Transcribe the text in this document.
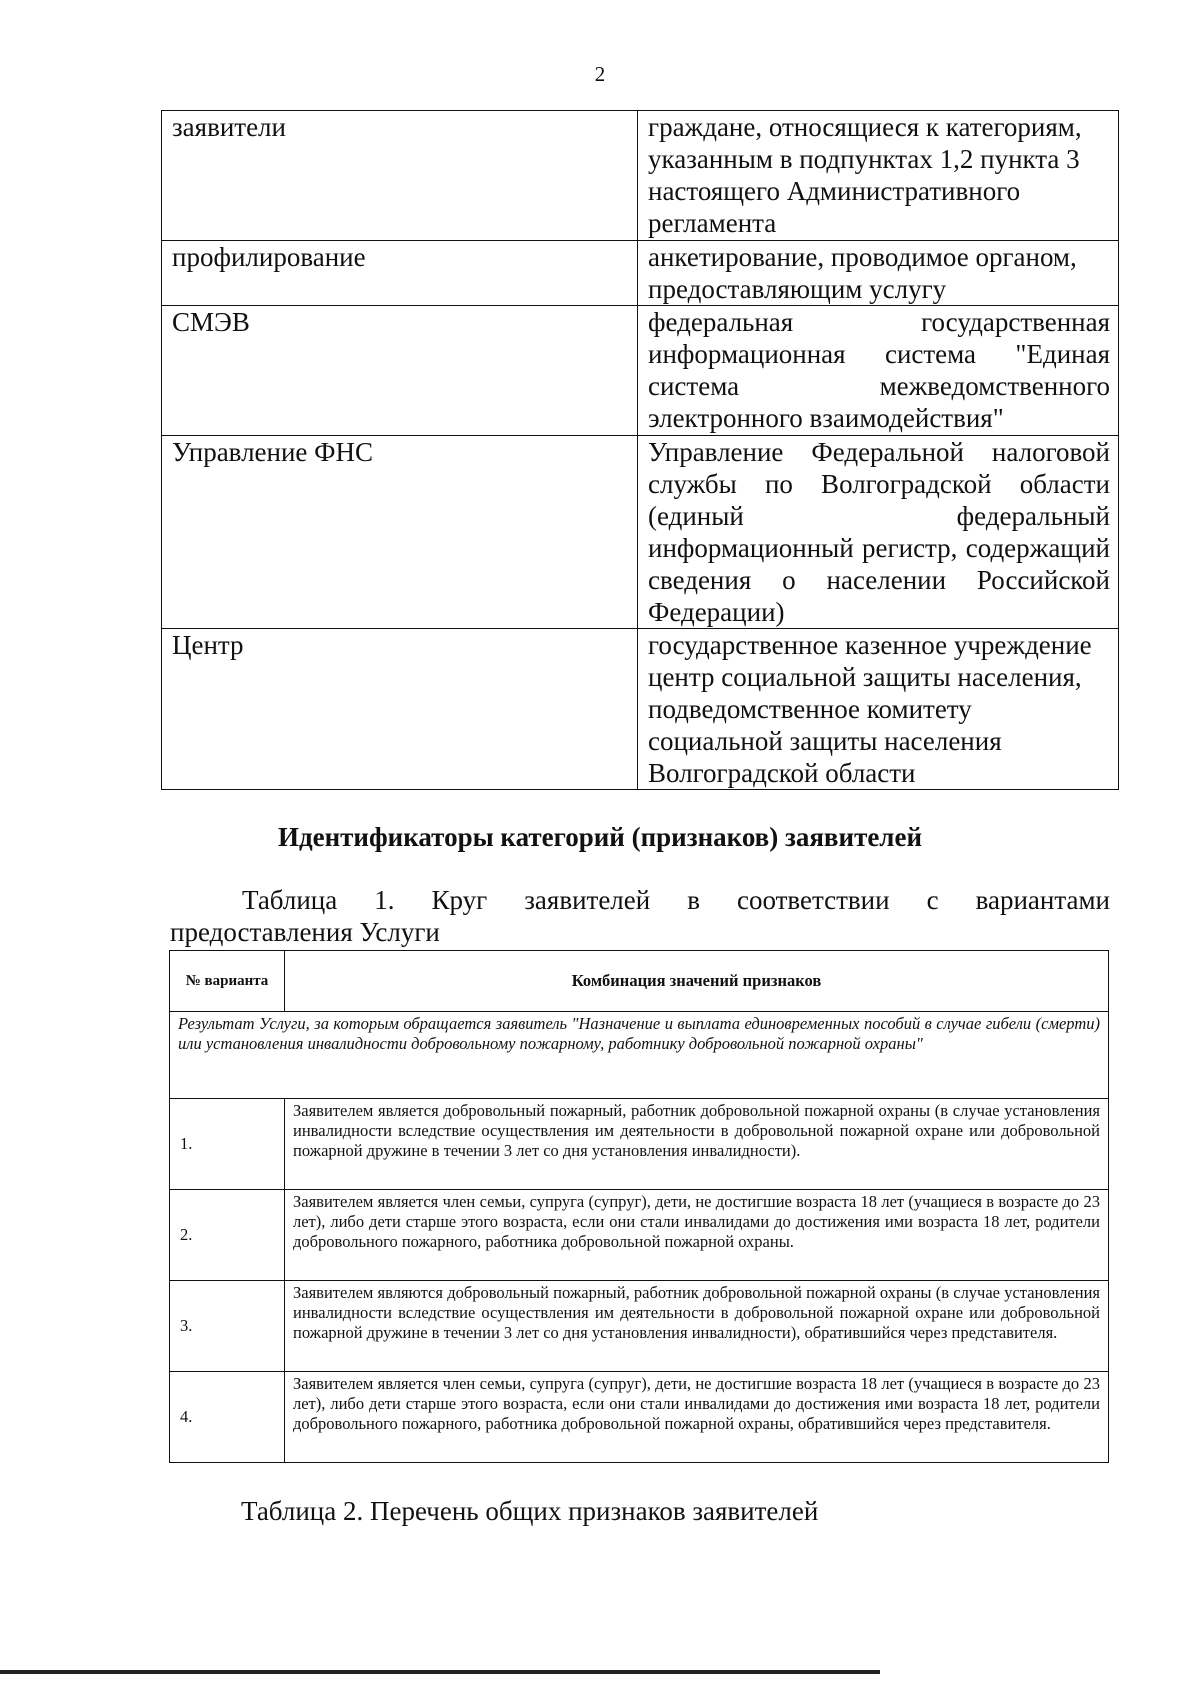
2
заявители	граждане, относящиеся к категориям, указанным в подпунктах 1,2 пункта 3 настоящего Административного регламента
профилирование	анкетирование, проводимое органом, предоставляющим услугу
СМЭВ	федеральная государственная информационная система "Единая система межведомственного электронного взаимодействия"
Управление ФНС	Управление Федеральной налоговой службы по Волгоградской области (единый федеральный информационный регистр, содержащий сведения о населении Российской Федерации)
Центр	государственное казенное учреждение центр социальной защиты населения, подведомственное комитету социальной защиты населения Волгоградской области
Идентификаторы категорий (признаков) заявителей
Таблица 1. Круг заявителей в соответствии с вариантами
предоставления Услуги
№ варианта	Комбинация значений признаков
Результат Услуги, за которым обращается заявитель "Назначение и выплата единовременных пособий в случае гибели (смерти) или установления инвалидности добровольному пожарному, работнику добровольной пожарной охраны"	
1.	Заявителем является добровольный пожарный, работник добровольной пожарной охраны (в случае установления инвалидности вследствие осуществления им деятельности в добровольной пожарной охране или добровольной пожарной дружине в течении 3 лет со дня установления инвалидности).
2.	Заявителем является член семьи, супруга (супруг), дети, не достигшие возраста 18 лет (учащиеся в возрасте до 23 лет), либо дети старше этого возраста, если они стали инвалидами до достижения ими возраста 18 лет, родители добровольного пожарного, работника добровольной пожарной охраны.
3.	Заявителем являются добровольный пожарный, работник добровольной пожарной охраны (в случае установления инвалидности вследствие осуществления им деятельности в добровольной пожарной охране или добровольной пожарной дружине в течении 3 лет со дня установления инвалидности), обратившийся через представителя.
4.	Заявителем является член семьи, супруга (супруг), дети, не достигшие возраста 18 лет (учащиеся в возрасте до 23 лет), либо дети старше этого возраста, если они стали инвалидами до достижения ими возраста 18 лет, родители добровольного пожарного, работника добровольной пожарной охраны, обратившийся через представителя.
Таблица 2. Перечень общих признаков заявителей
